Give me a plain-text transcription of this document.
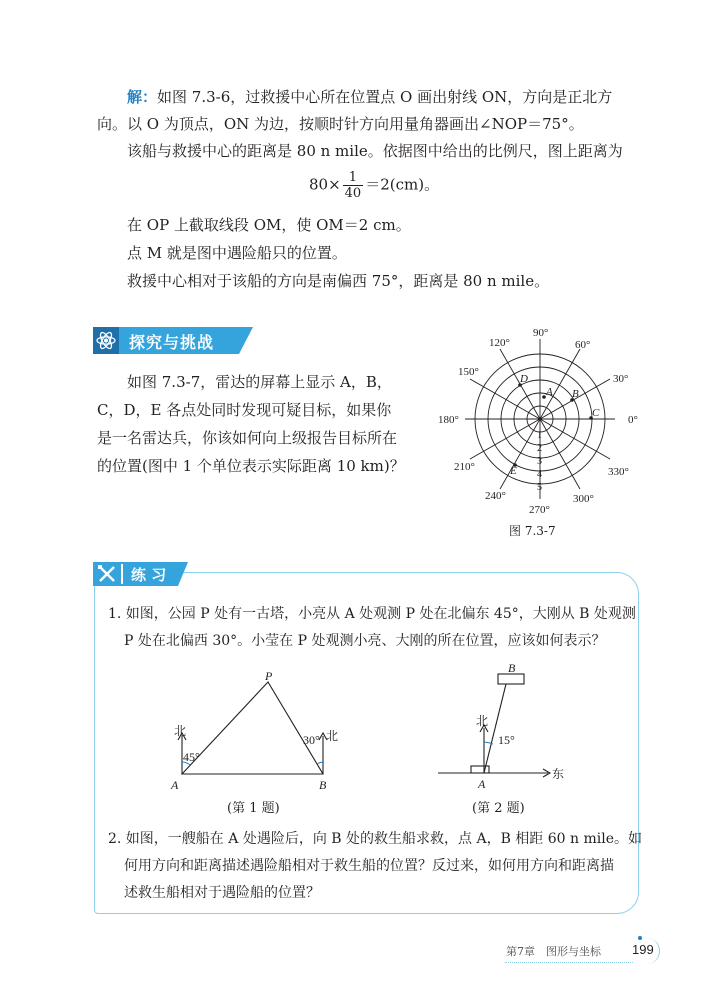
解：如图 7.3-6，过救援中心所在位置点 O 画出射线 ON，方向是正北方
向。以 O 为顶点，ON 为边，按顺时针方向用量角器画出∠NOP＝75°。
该船与救援中心的距离是 80 n mile。依据图中给出的比例尺，图上距离为
$80\times \frac{1}{40} =2(cm)$。
在 OP 上截取线段 OM，使 OM＝2 cm。
点 M 就是图中遇险船只的位置。
救援中心相对于该船的方向是南偏西 75°，距离是 80 n mile。
探究与挑战
如图 7.3-7，雷达的屏幕上显示 A，B，
C，D，E 各点处同时发现可疑目标，如果你
是一名雷达兵，你该如何向上级报告目标所在
的位置(图中 1 个单位表示实际距离 10 km)？
0°
30°
60°
90°
120°
150°
180°
210°
240°
270°
300°
330°
1
2
3
4
5
A B
C
D
E
图 7.3-7
练 习
1. 如图，公园 P 处有一古塔，小亮从 A 处观测 P 处在北偏东 45°，大刚从 B 处观测
P 处在北偏西 30°。小莹在 P 处观测小亮、大刚的所在位置，应该如何表示？
P
A	B
北	北
45°
30°
(第 1 题)
B
A
北
东
15°
(第 2 题)
2. 如图，一艘船在 A 处遇险后，向 B 处的救生船求救，点 A，B 相距 60 n mile。如
何用方向和距离描述遇险船相对于救生船的位置？反过来，如何用方向和距离描
述救生船相对于遇险船的位置？
第7章　图形与坐标 199
